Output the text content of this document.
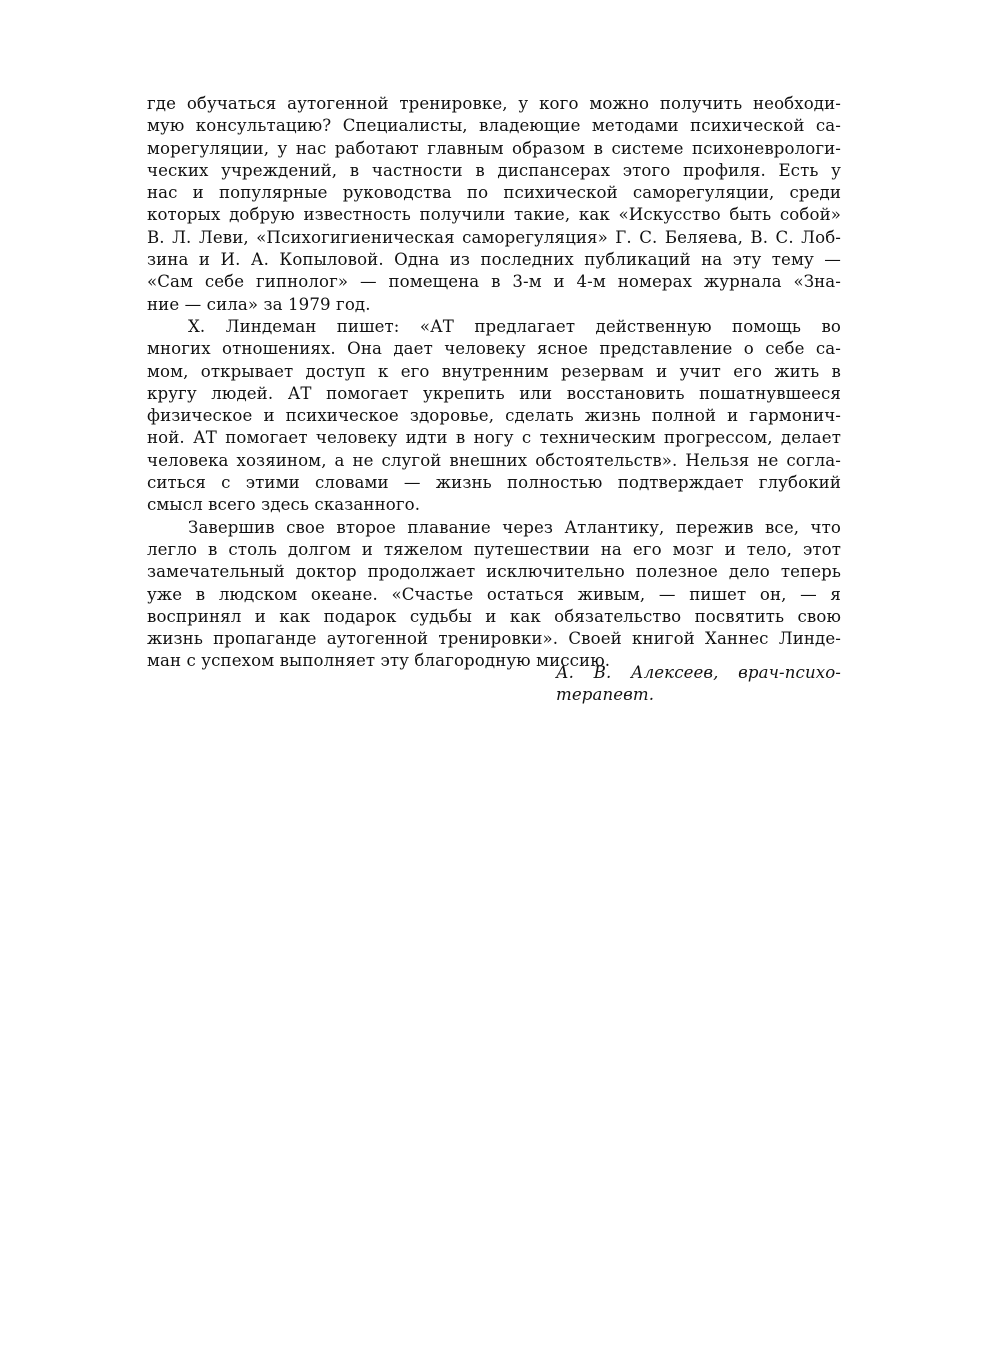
где обучаться аутогенной тренировке, у кого можно получить необходи-
мую консультацию? Специалисты, владеющие методами психической са-
морегуляции, у нас работают главным образом в системе психоневрологи-
ческих учреждений, в частности в диспансерах этого профиля. Есть у
нас и популярные руководства по психической саморегуляции, среди
которых добрую известность получили такие, как «Искусство быть собой»
В. Л. Леви, «Психогигиеническая саморегуляция» Г. С. Беляева, В. С. Лоб-
зина и И. А. Копыловой. Одна из последних публикаций на эту тему —
«Сам себе гипнолог» — помещена в 3-м и 4-м номерах журнала «Зна-
ние — сила» за 1979 год.
Х. Линдеман пишет: «АТ предлагает действенную помощь во
многих отношениях. Она дает человеку ясное представление о себе са-
мом, открывает доступ к его внутренним резервам и учит его жить в
кругу людей. АТ помогает укрепить или восстановить пошатнувшееся
физическое и психическое здоровье, сделать жизнь полной и гармонич-
ной. АТ помогает человеку идти в ногу с техническим прогрессом, делает
человека хозяином, а не слугой внешних обстоятельств». Нельзя не согла-
ситься с этими словами — жизнь полностью подтверждает глубокий
смысл всего здесь сказанного.
Завершив свое второе плавание через Атлантику, пережив все, что
легло в столь долгом и тяжелом путешествии на его мозг и тело, этот
замечательный доктор продолжает исключительно полезное дело теперь
уже в людском океане. «Счастье остаться живым, — пишет он, — я
воспринял и как подарок судьбы и как обязательство посвятить свою
жизнь пропаганде аутогенной тренировки». Своей книгой Ханнес Линде-
ман с успехом выполняет эту благородную миссию.
А. В. Алексеев, врач-психо-
терапевт.
